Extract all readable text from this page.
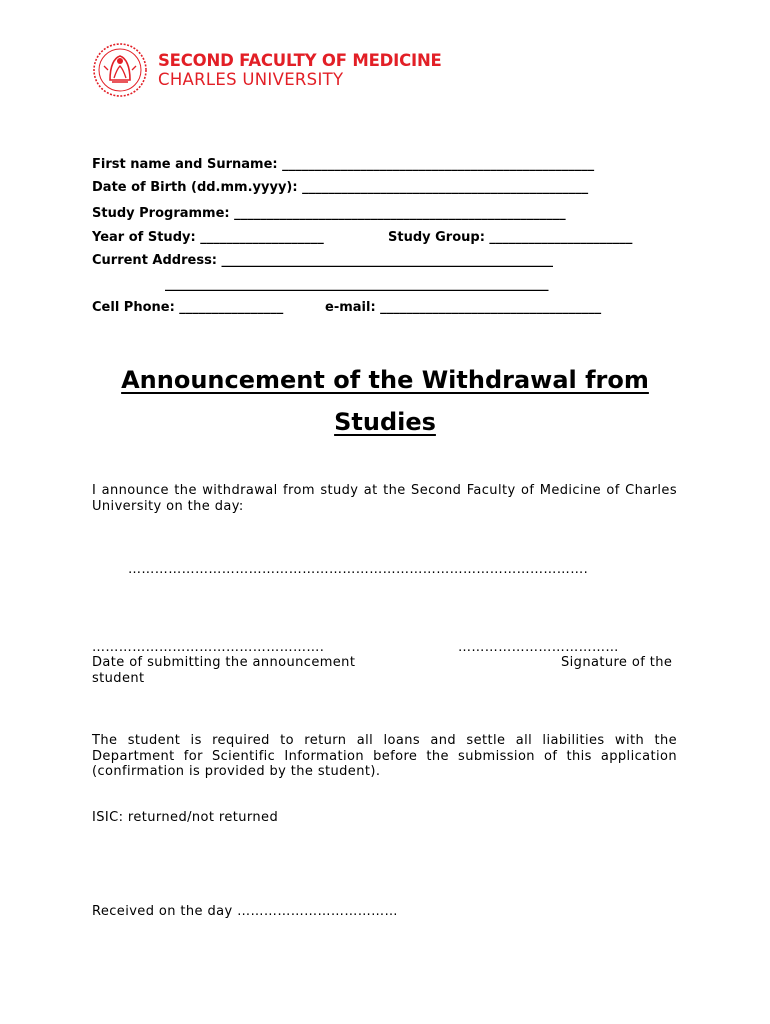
SECOND FACULTY OF MEDICINE
CHARLES UNIVERSITY
First name and Surname: ________________________________________________
Date of Birth (dd.mm.yyyy): ____________________________________________
Study Programme: ___________________________________________________
Year of Study: ___________________	Study Group: ______________________
Current Address: ___________________________________________________
___________________________________________________________
Cell Phone: ________________	e-mail: __________________________________
Announcement of the Withdrawal from
Studies
I announce the withdrawal from study at the Second Faculty of Medicine of Charles University on the day:
………………………………………………………………………………………….
…………………………………………….	………………………………
Date of submitting the announcement	Signature of the
student
The student is required to return all loans and settle all liabilities with the Department for Scientific Information before the submission of this application (confirmation is provided by the student).
ISIC: returned/not returned
Received on the day ………………………………
